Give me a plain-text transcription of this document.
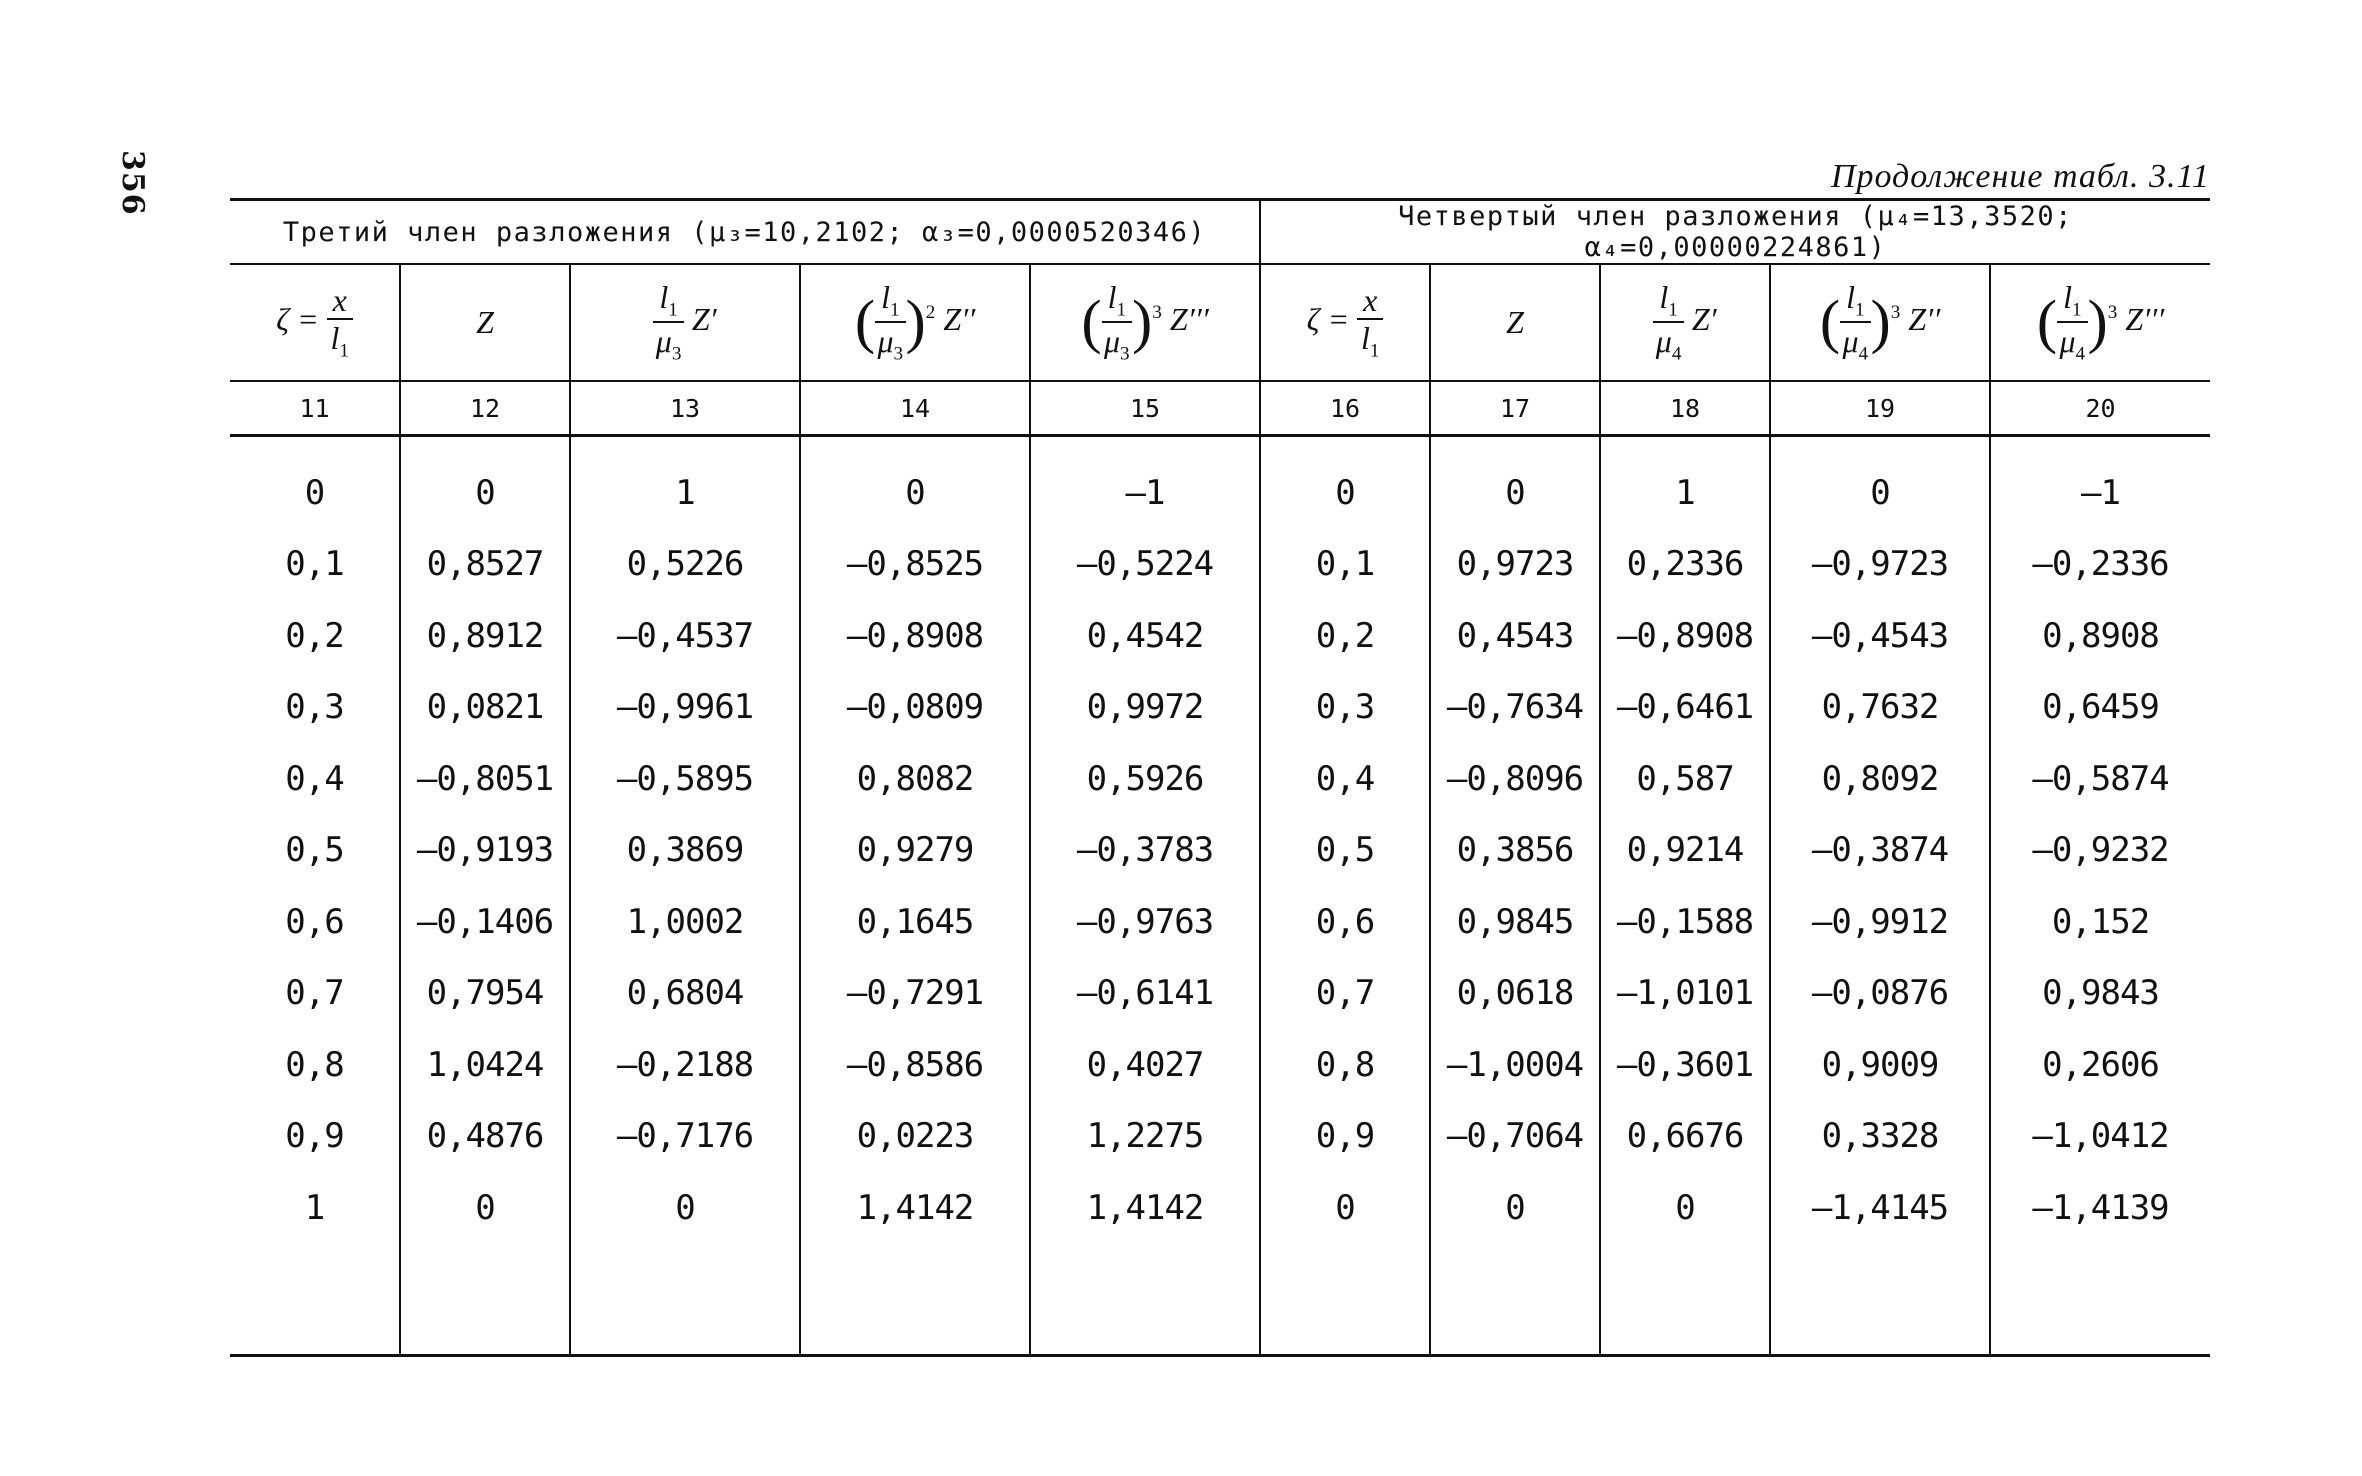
356	Продолжение табл. 3.11

Третий член разложения (μ₃=10,2102; α₃=0,0000520346)					Четвертый член разложения (μ₄=13,3520; α₄=0,00000224861)				
$\zeta = \frac{x}{l_1}$	Z	$\frac{l_1}{\mu_3} Z'$	( $\frac{l_1}{\mu_3} )^2$ Z′′	( $\frac{l_1}{\mu_3} )^3$ Z′′′	$\zeta = \frac{x}{l_1}$	Z	$\frac{l_1}{\mu_4} Z'$	( $\frac{l_1}{\mu_4} )^3$ Z′′	( $\frac{l_1}{\mu_4} )^3$ Z′′′
11	12	13	14	15	16	17	18	19	20
0	0	1	0	—1	0	0	1	0	—1
0,1	0,8527	0,5226	—0,8525	—0,5224	0,1	0,9723	0,2336	—0,9723	—0,2336
0,2	0,8912	—0,4537	—0,8908	0,4542	0,2	0,4543	—0,8908	—0,4543	0,8908
0,3	0,0821	—0,9961	—0,0809	0,9972	0,3	—0,7634	—0,6461	0,7632	0,6459
0,4	—0,8051	—0,5895	0,8082	0,5926	0,4	—0,8096	0,587	0,8092	—0,5874
0,5	—0,9193	0,3869	0,9279	—0,3783	0,5	0,3856	0,9214	—0,3874	—0,9232
0,6	—0,1406	1,0002	0,1645	—0,9763	0,6	0,9845	—0,1588	—0,9912	0,152
0,7	0,7954	0,6804	—0,7291	—0,6141	0,7	0,0618	—1,0101	—0,0876	0,9843
0,8	1,0424	—0,2188	—0,8586	0,4027	0,8	—1,0004	—0,3601	0,9009	0,2606
0,9	0,4876	—0,7176	0,0223	1,2275	0,9	—0,7064	0,6676	0,3328	—1,0412
1	0	0	1,4142	1,4142	0	0	0	—1,4145	—1,4139
